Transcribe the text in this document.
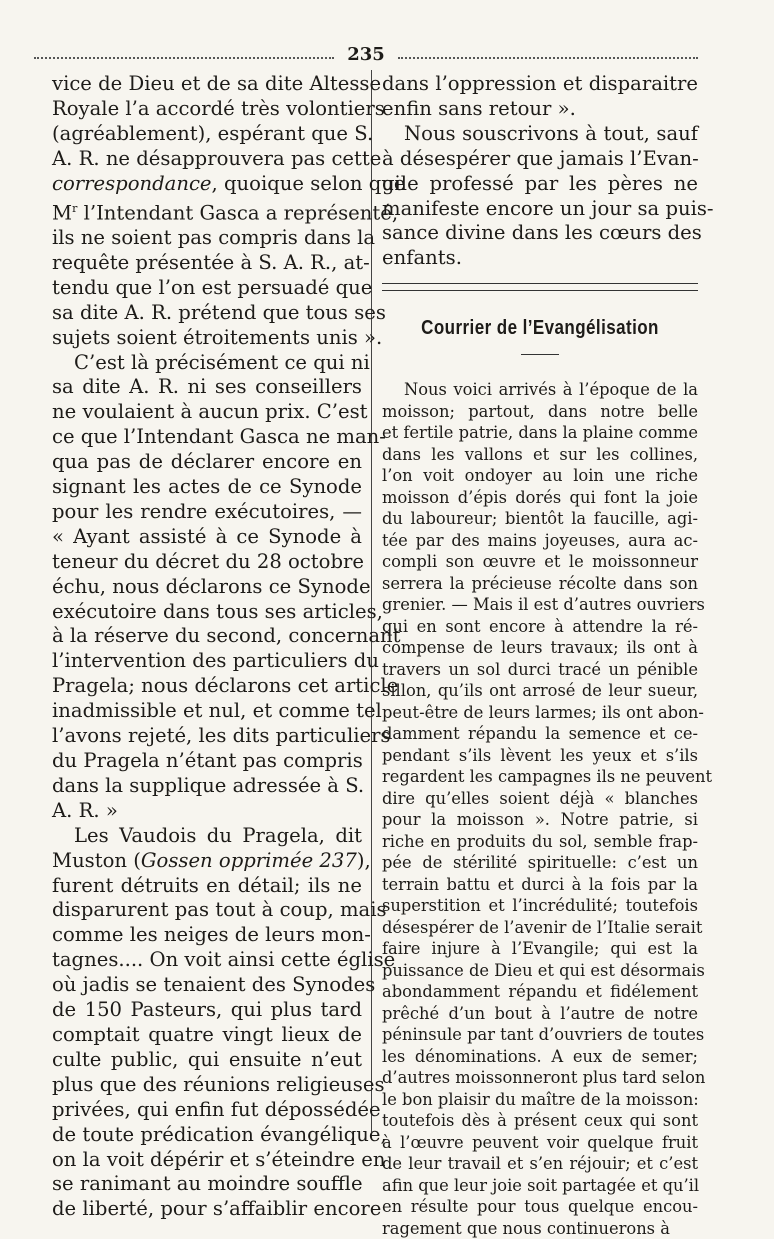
235
vice de Dieu et de sa dite Altesse
Royale l’a accordé très volontiers
(agréablement), espérant que S.
A. R. ne désapprouvera pas cette
correspondance, quoique selon que
$M^r$ l’Intendant Gasca a représenté,
ils ne soient pas compris dans la
requête présentée à S. A. R., at-
tendu que l’on est persuadé que
sa dite A. R. prétend que tous ses
sujets soient étroitements unis ».
C’est là précisément ce qui ni
sa dite A. R. ni ses conseillers
ne voulaient à aucun prix. C’est
ce que l’Intendant Gasca ne man-
qua pas de déclarer encore en
signant les actes de ce Synode
pour les rendre exécutoires, —
« Ayant assisté à ce Synode à
teneur du décret du 28 octobre
échu, nous déclarons ce Synode
exécutoire dans tous ses articles,
à la réserve du second, concernant
l’intervention des particuliers du
Pragela; nous déclarons cet article
inadmissible et nul, et comme tel
l’avons rejeté, les dits particuliers
du Pragela n’étant pas compris
dans la supplique adressée à S.
A. R. »
Les Vaudois du Pragela, dit
Muston (Gossen opprimée 237),
furent détruits en détail; ils ne
disparurent pas tout à coup, mais
comme les neiges de leurs mon-
tagnes.... On voit ainsi cette église
où jadis se tenaient des Synodes
de 150 Pasteurs, qui plus tard
comptait quatre vingt lieux de
culte public, qui ensuite n’eut
plus que des réunions religieuses
privées, qui enfin fut dépossédée
de toute prédication évangélique,
on la voit dépérir et s’éteindre en
se ranimant au moindre souffle
de liberté, pour s’affaiblir encore
dans l’oppression et disparaitre
enfin sans retour ».
Nous souscrivons à tout, sauf
à désespérer que jamais l’Evan-
gile professé par les pères ne
manifeste encore un jour sa puis-
sance divine dans les cœurs des
enfants.
Courrier de l’Evangélisation
Nous voici arrivés à l’époque de la
moisson; partout, dans notre belle
et fertile patrie, dans la plaine comme
dans les vallons et sur les collines,
l’on voit ondoyer au loin une riche
moisson d’épis dorés qui font la joie
du laboureur; bientôt la faucille, agi-
tée par des mains joyeuses, aura ac-
compli son œuvre et le moissonneur
serrera la précieuse récolte dans son
grenier. — Mais il est d’autres ouvriers
qui en sont encore à attendre la ré-
compense de leurs travaux; ils ont à
travers un sol durci tracé un pénible
sillon, qu’ils ont arrosé de leur sueur,
peut-être de leurs larmes; ils ont abon-
damment répandu la semence et ce-
pendant s’ils lèvent les yeux et s’ils
regardent les campagnes ils ne peuvent
dire qu’elles soient déjà « blanches
pour la moisson ». Notre patrie, si
riche en produits du sol, semble frap-
pée de stérilité spirituelle: c’est un
terrain battu et durci à la fois par la
superstition et l’incrédulité; toutefois
désespérer de l’avenir de l’Italie serait
faire injure à l’Evangile; qui est la
puissance de Dieu et qui est désormais
abondamment répandu et fidélement
prêché d’un bout à l’autre de notre
péninsule par tant d’ouvriers de toutes
les dénominations. A eux de semer;
d’autres moissonneront plus tard selon
le bon plaisir du maître de la moisson:
toutefois dès à présent ceux qui sont
à l’œuvre peuvent voir quelque fruit
de leur travail et s’en réjouir; et c’est
afin que leur joie soit partagée et qu’il
en résulte pour tous quelque encou-
ragement que nous continuerons à
